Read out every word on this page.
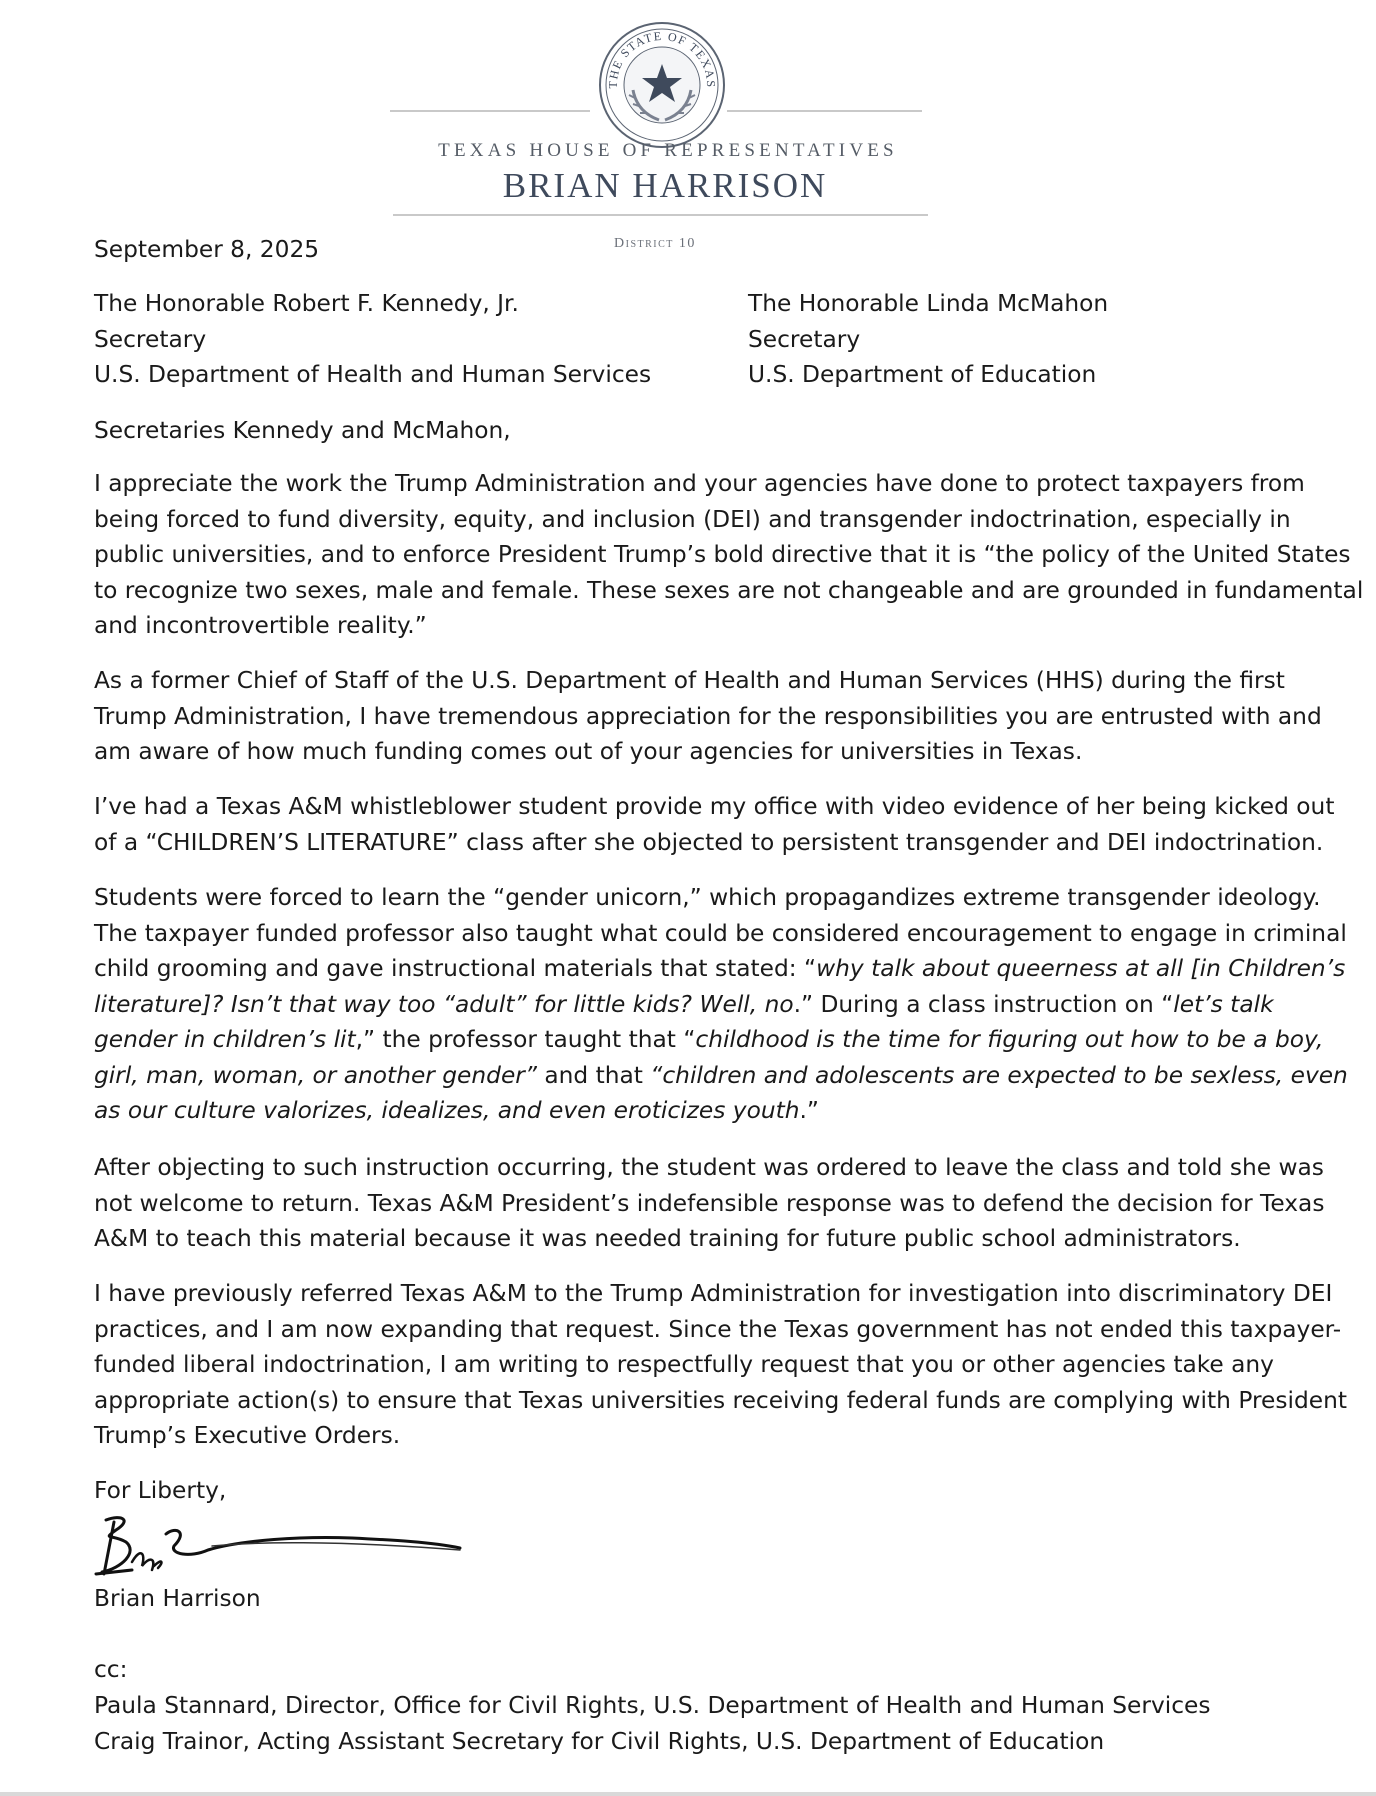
THE STATE OF TEXAS
TEXAS HOUSE OF REPRESENTATIVES
BRIAN HARRISON
District 10
September 8, 2025
The Honorable Robert F. Kennedy, Jr.
Secretary
U.S. Department of Health and Human Services
The Honorable Linda McMahon
Secretary
U.S. Department of Education
Secretaries Kennedy and McMahon,
I appreciate the work the Trump Administration and your agencies have done to protect taxpayers from
being forced to fund diversity, equity, and inclusion (DEI) and transgender indoctrination, especially in
public universities, and to enforce President Trump’s bold directive that it is “the policy of the United States
to recognize two sexes, male and female. These sexes are not changeable and are grounded in fundamental
and incontrovertible reality.”
As a former Chief of Staff of the U.S. Department of Health and Human Services (HHS) during the first
Trump Administration, I have tremendous appreciation for the responsibilities you are entrusted with and
am aware of how much funding comes out of your agencies for universities in Texas.
I’ve had a Texas A&M whistleblower student provide my office with video evidence of her being kicked out
of a “CHILDREN’S LITERATURE” class after she objected to persistent transgender and DEI indoctrination.
Students were forced to learn the “gender unicorn,” which propagandizes extreme transgender ideology.
The taxpayer funded professor also taught what could be considered encouragement to engage in criminal
child grooming and gave instructional materials that stated: “why talk about queerness at all [in Children’s
literature]? Isn’t that way too “adult” for little kids? Well, no.” During a class instruction on “let’s talk
gender in children’s lit,” the professor taught that “childhood is the time for figuring out how to be a boy,
girl, man, woman, or another gender” and that “children and adolescents are expected to be sexless, even
as our culture valorizes, idealizes, and even eroticizes youth.”
After objecting to such instruction occurring, the student was ordered to leave the class and told she was
not welcome to return. Texas A&M President’s indefensible response was to defend the decision for Texas
A&M to teach this material because it was needed training for future public school administrators.
I have previously referred Texas A&M to the Trump Administration for investigation into discriminatory DEI
practices, and I am now expanding that request. Since the Texas government has not ended this taxpayer-
funded liberal indoctrination, I am writing to respectfully request that you or other agencies take any
appropriate action(s) to ensure that Texas universities receiving federal funds are complying with President
Trump’s Executive Orders.
For Liberty,
Brian Harrison
cc:
Paula Stannard, Director, Office for Civil Rights, U.S. Department of Health and Human Services
Craig Trainor, Acting Assistant Secretary for Civil Rights, U.S. Department of Education
